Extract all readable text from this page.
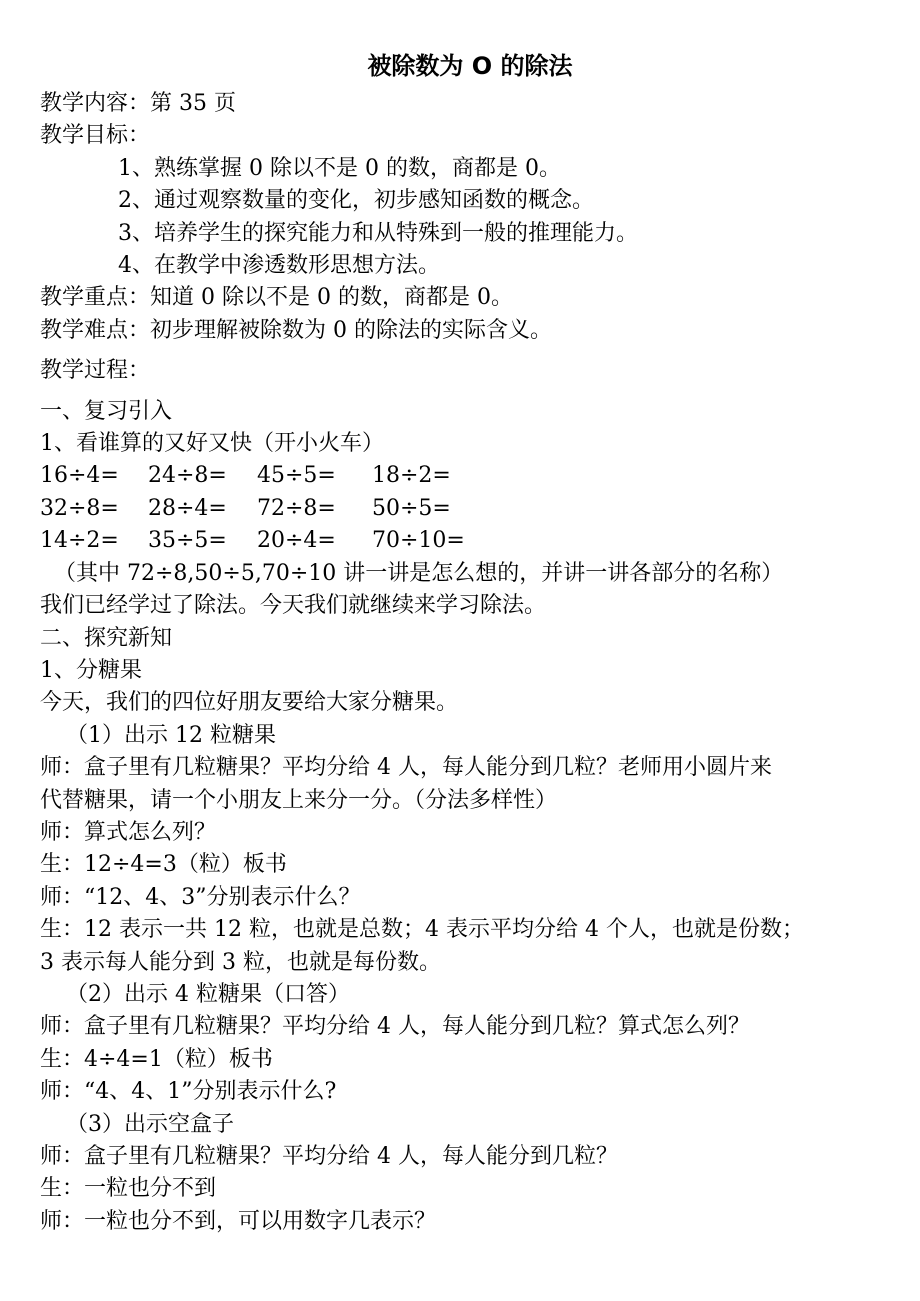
被除数为 O 的除法
教学内容：第 35 页
教学目标：
1、熟练掌握 0 除以不是 0 的数，商都是 0。
2、通过观察数量的变化，初步感知函数的概念。
3、培养学生的探究能力和从特殊到一般的推理能力。
4、在教学中渗透数形思想方法。
教学重点：知道 0 除以不是 0 的数，商都是 0。
教学难点：初步理解被除数为 0 的除法的实际含义。
教学过程：
一、复习引入
1、看谁算的又好又快（开小火车）
16÷4=	24÷8=	45÷5=	18÷2=
32÷8=	28÷4=	72÷8=	50÷5=
14÷2=	35÷5=	20÷4=	70÷10=
（其中 72÷8,50÷5,70÷10 讲一讲是怎么想的，并讲一讲各部分的名称）
我们已经学过了除法。今天我们就继续来学习除法。
二、探究新知
1、分糖果
今天，我们的四位好朋友要给大家分糖果。
（1）出示 12 粒糖果
师：盒子里有几粒糖果？平均分给 4 人，每人能分到几粒？老师用小圆片来
代替糖果，请一个小朋友上来分一分。（分法多样性）
师：算式怎么列？
生：12÷4=3（粒）板书
师：“12、4、3”分别表示什么？
生：12 表示一共 12 粒，也就是总数；4 表示平均分给 4 个人，也就是份数；
3 表示每人能分到 3 粒，也就是每份数。
（2）出示 4 粒糖果（口答）
师：盒子里有几粒糖果？平均分给 4 人，每人能分到几粒？算式怎么列？
生：4÷4=1（粒）板书
师：“4、4、1”分别表示什么?
（3）出示空盒子
师：盒子里有几粒糖果？平均分给 4 人，每人能分到几粒？
生：一粒也分不到
师：一粒也分不到，可以用数字几表示？
